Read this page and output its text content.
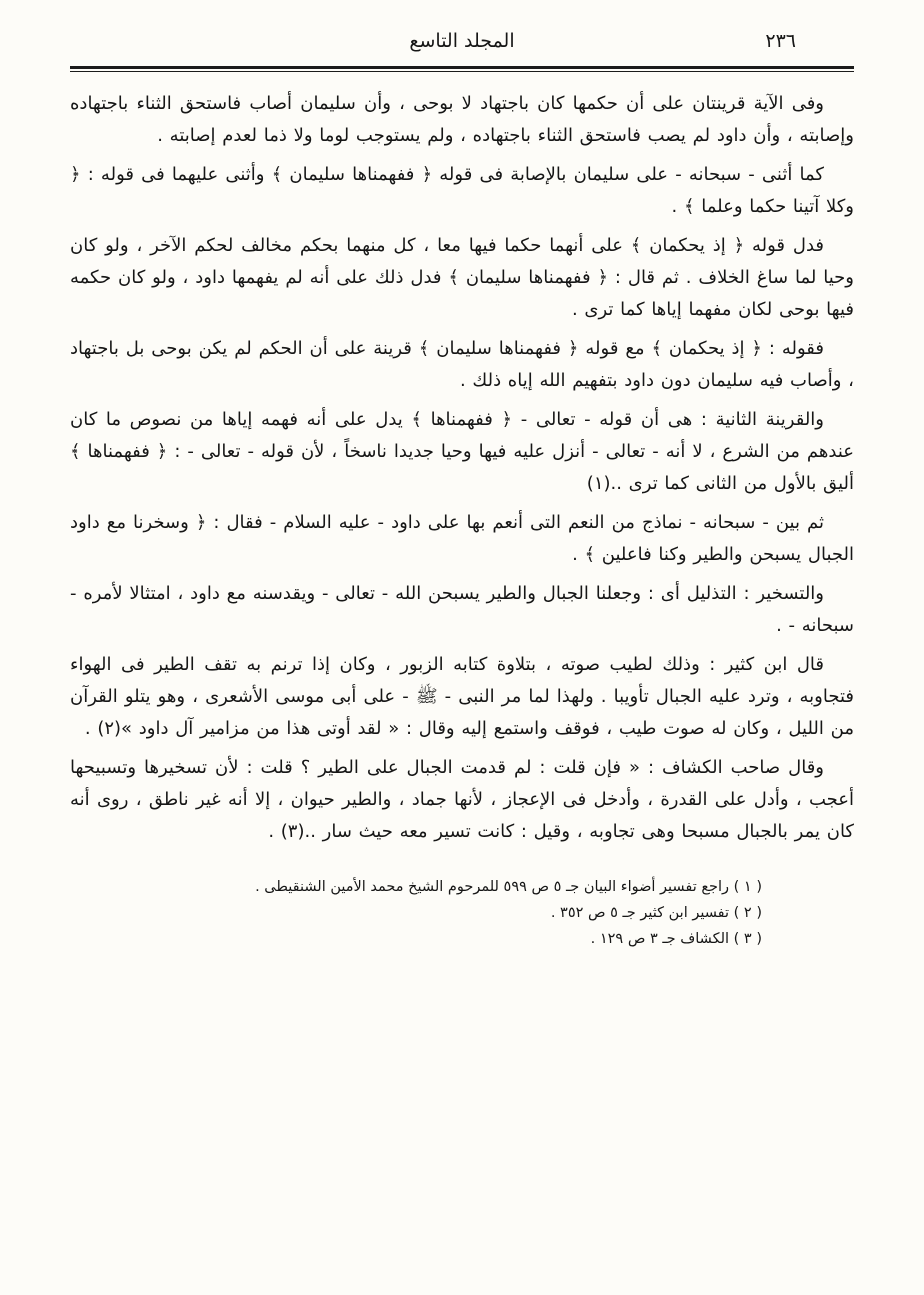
المجلد التاسع	٢٣٦

وفى الآية قرينتان على أن حكمها كان باجتهاد لا بوحى ، وأن سليمان أصاب فاستحق الثناء باجتهاده وإصابته ، وأن داود لم يصب فاستحق الثناء باجتهاده ، ولم يستوجب لوما ولا ذما لعدم إصابته .

كما أثنى - سبحانه - على سليمان بالإصابة فى قوله ﴿ ففهمناها سليمان ﴾ وأثنى عليهما فى قوله : ﴿ وكلا آتينا حكما وعلما ﴾ .

فدل قوله ﴿ إذ يحكمان ﴾ على أنهما حكما فيها معا ، كل منهما بحكم مخالف لحكم الآخر ، ولو كان وحيا لما ساغ الخلاف . ثم قال : ﴿ ففهمناها سليمان ﴾ فدل ذلك على أنه لم يفهمها داود ، ولو كان حكمه فيها بوحى لكان مفهما إياها كما ترى .

فقوله : ﴿ إذ يحكمان ﴾ مع قوله ﴿ ففهمناها سليمان ﴾ قرينة على أن الحكم لم يكن بوحى بل باجتهاد ، وأصاب فيه سليمان دون داود بتفهيم الله إياه ذلك .

والقرينة الثانية : هى أن قوله - تعالى - ﴿ ففهمناها ﴾ يدل على أنه فهمه إياها من نصوص ما كان عندهم من الشرع ، لا أنه - تعالى - أنزل عليه فيها وحيا جديدا ناسخاً ، لأن قوله - تعالى - : ﴿ ففهمناها ﴾ أليق بالأول من الثانى كما ترى ..(١)

ثم بين - سبحانه - نماذج من النعم التى أنعم بها على داود - عليه السلام - فقال : ﴿ وسخرنا مع داود الجبال يسبحن والطير وكنا فاعلين ﴾ .

والتسخير : التذليل أى : وجعلنا الجبال والطير يسبحن الله - تعالى - ويقدسنه مع داود ، امتثالا لأمره - سبحانه - .

قال ابن كثير : وذلك لطيب صوته ، بتلاوة كتابه الزبور ، وكان إذا ترنم به تقف الطير فى الهواء فتجاوبه ، وترد عليه الجبال تأويبا . ولهذا لما مر النبى - ﷺ - على أبى موسى الأشعرى ، وهو يتلو القرآن من الليل ، وكان له صوت طيب ، فوقف واستمع إليه وقال : « لقد أوتى هذا من مزامير آل داود »(٢) .

وقال صاحب الكشاف : « فإن قلت : لم قدمت الجبال على الطير ؟ قلت : لأن تسخيرها وتسبيحها أعجب ، وأدل على القدرة ، وأدخل فى الإعجاز ، لأنها جماد ، والطير حيوان ، إلا أنه غير ناطق ، روى أنه كان يمر بالجبال مسبحا وهى تجاوبه ، وقيل : كانت تسير معه حيث سار ..(٣) .

( ١ ) راجع تفسير أضواء البيان جـ ٥ ص ٥٩٩ للمرحوم الشيخ محمد الأمين الشنقيطى .
( ٢ ) تفسير ابن كثير جـ ٥ ص ٣٥٢ .
( ٣ ) الكشاف جـ ٣ ص ١٢٩ .
